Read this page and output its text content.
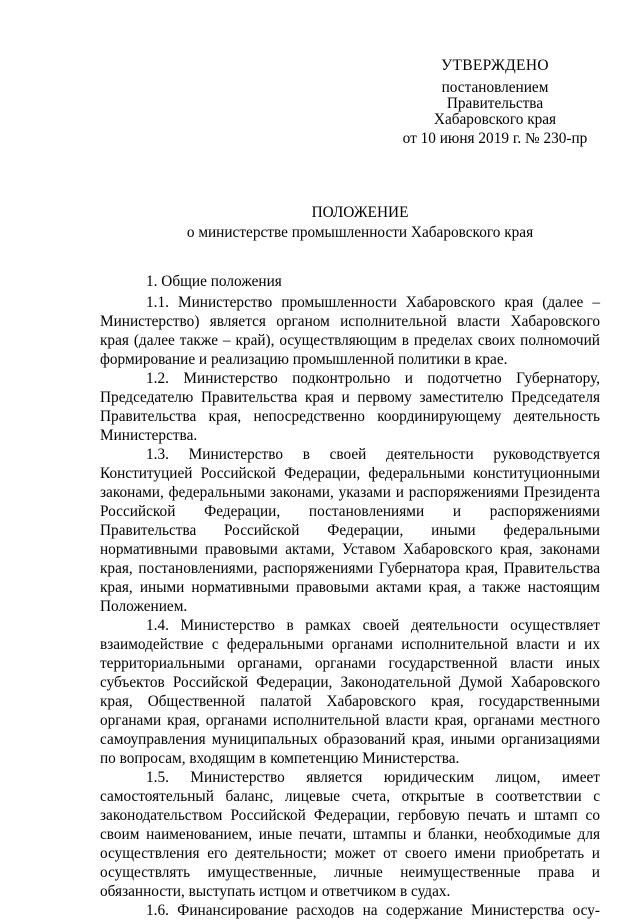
УТВЕРЖДЕНО
постановлением
Правительства
Хабаровского края
от 10 июня 2019 г. № 230-пр
ПОЛОЖЕНИЕ
о министерстве промышленности Хабаровского края
1. Общие положения

1.1. Министерство промышленности Хабаровского края (далее – Министерство) является органом исполнительной власти Хабаровского края (далее также – край), осуществляющим в пределах своих полномочий формирование и реализацию промышленной политики в крае.

1.2. Министерство подконтрольно и подотчетно Губернатору, Председателю Правительства края и первому заместителю Председателя Правительства края, непосредственно координирующему деятельность Министерства.

1.3. Министерство в своей деятельности руководствуется Конституцией Российской Федерации, федеральными конституционными законами, федеральными законами, указами и распоряжениями Президента Российской Федерации, постановлениями и распоряжениями Правительства Российской Федерации, иными федеральными нормативными правовыми актами, Уставом Хабаровского края, законами края, постановлениями, распоряжениями Губернатора края, Правительства края, иными нормативными правовыми актами края, а также настоящим Положением.

1.4. Министерство в рамках своей деятельности осуществляет взаимодействие с федеральными органами исполнительной власти и их территориальными органами, органами государственной власти иных субъектов Российской Федерации, Законодательной Думой Хабаровского края, Общественной палатой Хабаровского края, государственными органами края, органами исполнительной власти края, органами местного самоуправления муниципальных образований края, иными организациями по вопросам, входящим в компетенцию Министерства.

1.5. Министерство является юридическим лицом, имеет самостоятельный баланс, лицевые счета, открытые в соответствии с законодательством Российской Федерации, гербовую печать и штамп со своим наименованием, иные печати, штампы и бланки, необходимые для осуществления его деятельности; может от своего имени приобретать и осуществлять имущественные, личные неимущественные права и обязанности, выступать истцом и ответчиком в судах.

1.6. Финансирование расходов на содержание Министерства осу-
